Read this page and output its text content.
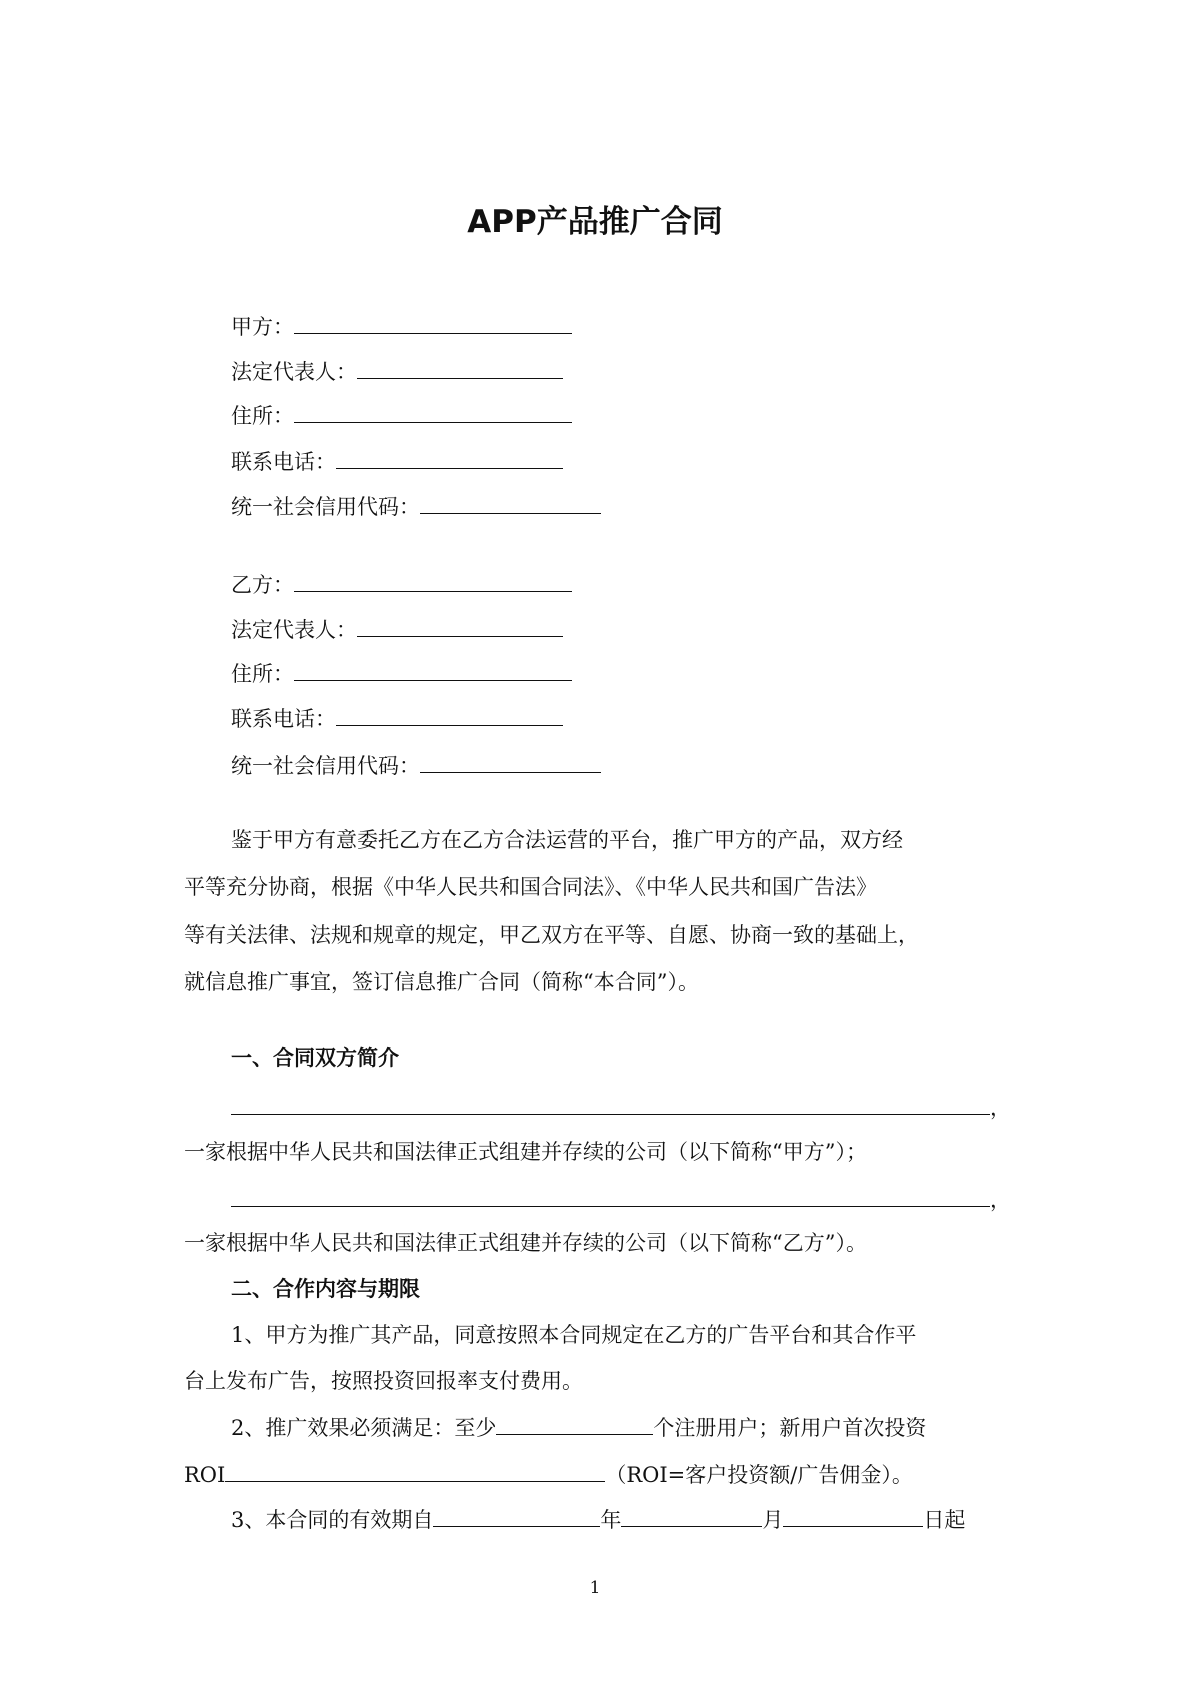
APP产品推广合同
甲方：
法定代表人：
住所：
联系电话：
统一社会信用代码：
乙方：
法定代表人：
住所：
联系电话：
统一社会信用代码：
鉴于甲方有意委托乙方在乙方合法运营的平台，推广甲方的产品，双方经
平等充分协商，根据《中华人民共和国合同法》、《中华人民共和国广告法》
等有关法律、法规和规章的规定，甲乙双方在平等、自愿、协商一致的基础上，
就信息推广事宜，签订信息推广合同（简称“本合同”）。
一、合同双方简介
，
一家根据中华人民共和国法律正式组建并存续的公司（以下简称“甲方”）；
，
一家根据中华人民共和国法律正式组建并存续的公司（以下简称“乙方”）。
二、合作内容与期限
1、甲方为推广其产品，同意按照本合同规定在乙方的广告平台和其合作平
台上发布广告，按照投资回报率支付费用。
2、推广效果必须满足：至少	个注册用户；新用户首次投资
ROI	（ROI=客户投资额/广告佣金）。
3、本合同的有效期自	年	月	日起
1
